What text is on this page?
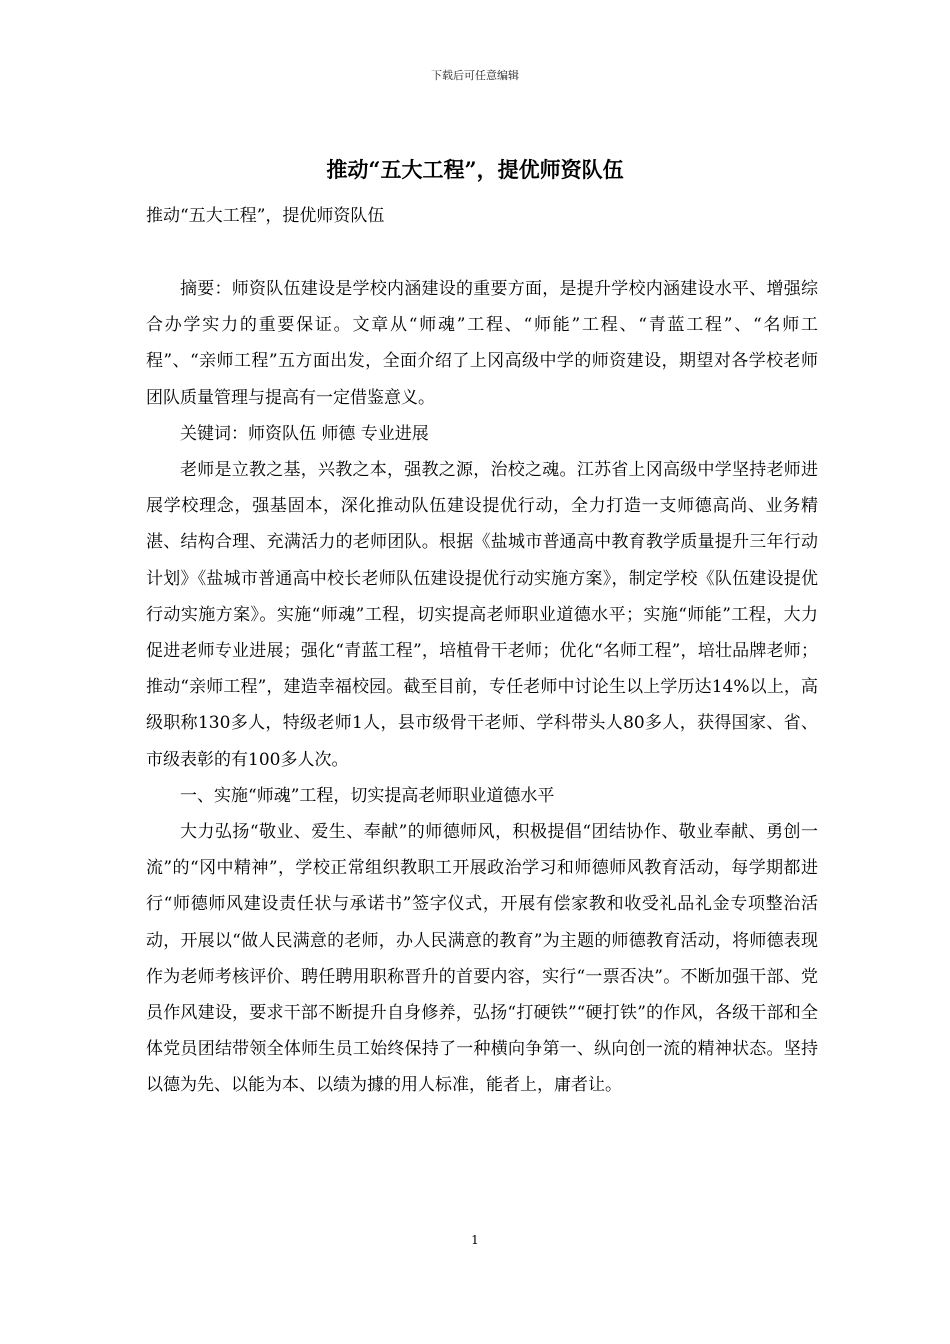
下载后可任意编辑
推动“五大工程”，提优师资队伍
推动“五大工程”，提优师资队伍

摘要：师资队伍建设是学校内涵建设的重要方面，是提升学校内涵建设水平、增强综合办学实力的重要保证。文章从“师魂”工程、“师能”工程、“青蓝工程”、“名师工程”、“亲师工程”五方面出发，全面介绍了上冈高级中学的师资建设，期望对各学校老师团队质量管理与提高有一定借鉴意义。

关键词：师资队伍 师德 专业进展

老师是立教之基，兴教之本，强教之源，治校之魂。江苏省上冈高级中学坚持老师进展学校理念，强基固本，深化推动队伍建设提优行动，全力打造一支师德高尚、业务精湛、结构合理、充满活力的老师团队。根据《盐城市普通高中教育教学质量提升三年行动计划》《盐城市普通高中校长老师队伍建设提优行动实施方案》，制定学校《队伍建设提优行动实施方案》。实施“师魂”工程，切实提高老师职业道德水平；实施“师能”工程，大力促进老师专业进展；强化“青蓝工程”，培植骨干老师；优化“名师工程”，培壮品牌老师；推动“亲师工程”，建造幸福校园。截至目前，专任老师中讨论生以上学历达14%以上，高级职称130多人，特级老师1人，县市级骨干老师、学科带头人80多人，获得国家、省、市级表彰的有100多人次。

一、实施“师魂”工程，切实提高老师职业道德水平

大力弘扬“敬业、爱生、奉献”的师德师风，积极提倡“团结协作、敬业奉献、勇创一流”的“冈中精神”，学校正常组织教职工开展政治学习和师德师风教育活动，每学期都进行“师德师风建设责任状与承诺书”签字仪式，开展有偿家教和收受礼品礼金专项整治活动，开展以“做人民满意的老师，办人民满意的教育”为主题的师德教育活动，将师德表现作为老师考核评价、聘任聘用职称晋升的首要内容，实行“一票否决”。不断加强干部、党员作风建设，要求干部不断提升自身修养，弘扬“打硬铁”“硬打铁”的作风，各级干部和全体党员团结带领全体师生员工始终保持了一种横向争第一、纵向创一流的精神状态。坚持以德为先、以能为本、以绩为據的用人标准，能者上，庸者让。

1
